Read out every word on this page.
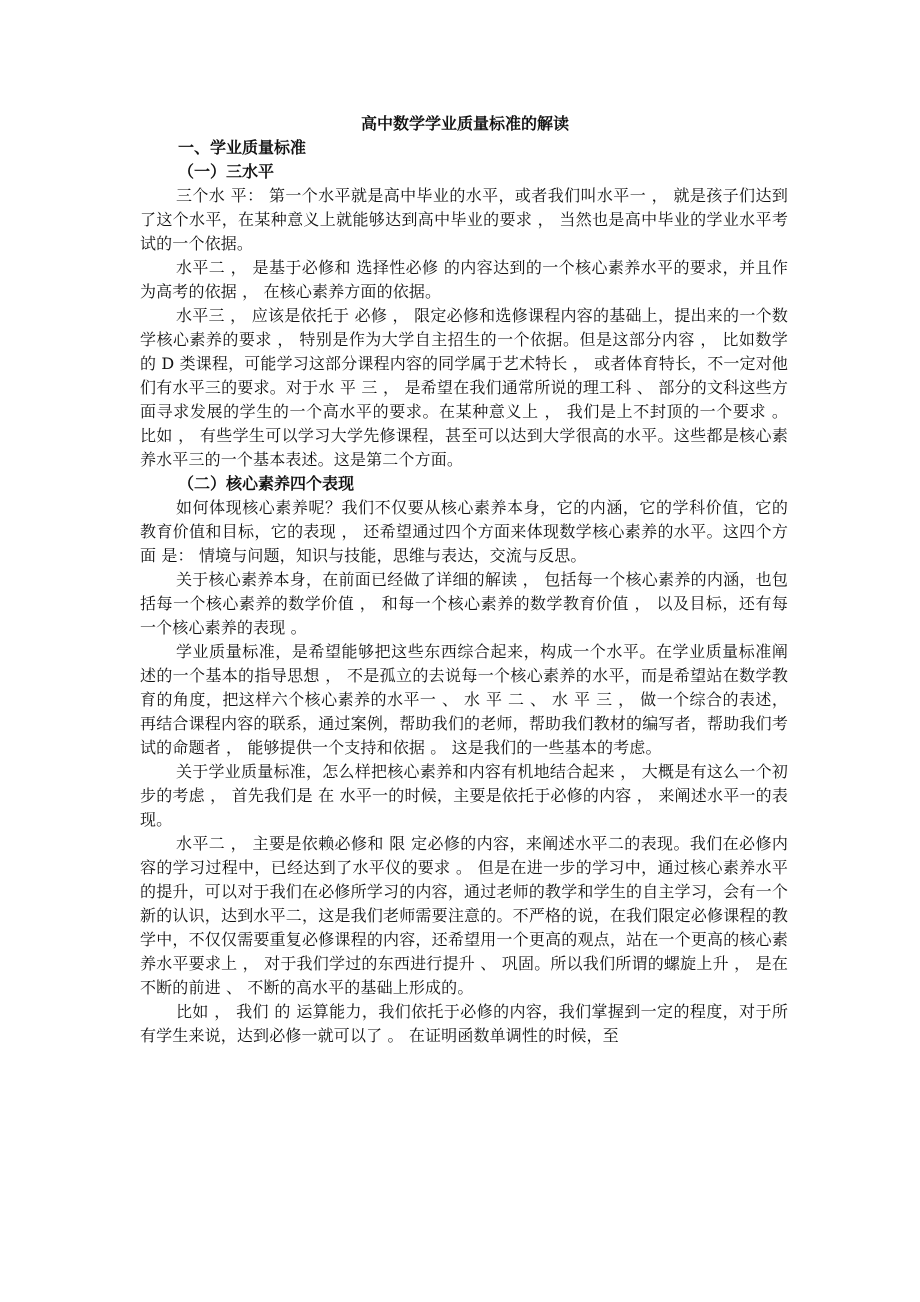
高中数学学业质量标准的解读

一、学业质量标准

（一）三水平

三个水 平： 第一个水平就是高中毕业的水平，或者我们叫水平一 ， 就是孩子们达到了这个水平，在某种意义上就能够达到高中毕业的要求 ， 当然也是高中毕业的学业水平考试的一个依据。

水平二 ， 是基于必修和 选择性必修 的内容达到的一个核心素养水平的要求，并且作为高考的依据 ， 在核心素养方面的依据。

水平三 ， 应该是依托于 必修 ， 限定必修和选修课程内容的基础上，提出来的一个数学核心素养的要求 ， 特别是作为大学自主招生的一个依据。但是这部分内容 ， 比如数学 的 D 类课程，可能学习这部分课程内容的同学属于艺术特长 ， 或者体育特长，不一定对他们有水平三的要求。对于水 平 三 ， 是希望在我们通常所说的理工科 、 部分的文科这些方面寻求发展的学生的一个高水平的要求。在某种意义上 ， 我们是上不封顶的一个要求 。 比如 ， 有些学生可以学习大学先修课程，甚至可以达到大学很高的水平。这些都是核心素养水平三的一个基本表述。这是第二个方面。

（二）核心素养四个表现

如何体现核心素养呢？我们不仅要从核心素养本身，它的内涵，它的学科价值，它的教育价值和目标，它的表现 ， 还希望通过四个方面来体现数学核心素养的水平。这四个方面 是： 情境与问题，知识与技能，思维与表达，交流与反思。

关于核心素养本身，在前面已经做了详细的解读 ， 包括每一个核心素养的内涵，也包括每一个核心素养的数学价值 ， 和每一个核心素养的数学教育价值 ， 以及目标，还有每一个核心素养的表现 。

学业质量标准，是希望能够把这些东西综合起来，构成一个水平。在学业质量标准阐述的一个基本的指导思想 ， 不是孤立的去说每一个核心素养的水平，而是希望站在数学教育的角度，把这样六个核心素养的水平一 、 水 平 二 、 水 平 三 ， 做一个综合的表述，再结合课程内容的联系，通过案例，帮助我们的老师，帮助我们教材的编写者，帮助我们考试的命题者 ， 能够提供一个支持和依据 。 这是我们的一些基本的考虑。

关于学业质量标准，怎么样把核心素养和内容有机地结合起来 ， 大概是有这么一个初步的考虑 ， 首先我们是 在 水平一的时候，主要是依托于必修的内容 ， 来阐述水平一的表现。

水平二 ， 主要是依赖必修和 限 定必修的内容，来阐述水平二的表现。我们在必修内容的学习过程中，已经达到了水平仪的要求 。 但是在进一步的学习中，通过核心素养水平的提升，可以对于我们在必修所学习的内容，通过老师的教学和学生的自主学习，会有一个新的认识，达到水平二，这是我们老师需要注意的。不严格的说，在我们限定必修课程的教学中，不仅仅需要重复必修课程的内容，还希望用一个更高的观点，站在一个更高的核心素养水平要求上 ， 对于我们学过的东西进行提升 、 巩固。所以我们所谓的螺旋上升 ， 是在不断的前进 、 不断的高水平的基础上形成的。

比如 ， 我们 的 运算能力，我们依托于必修的内容，我们掌握到一定的程度，对于所有学生来说，达到必修一就可以了 。 在证明函数单调性的时候，至
